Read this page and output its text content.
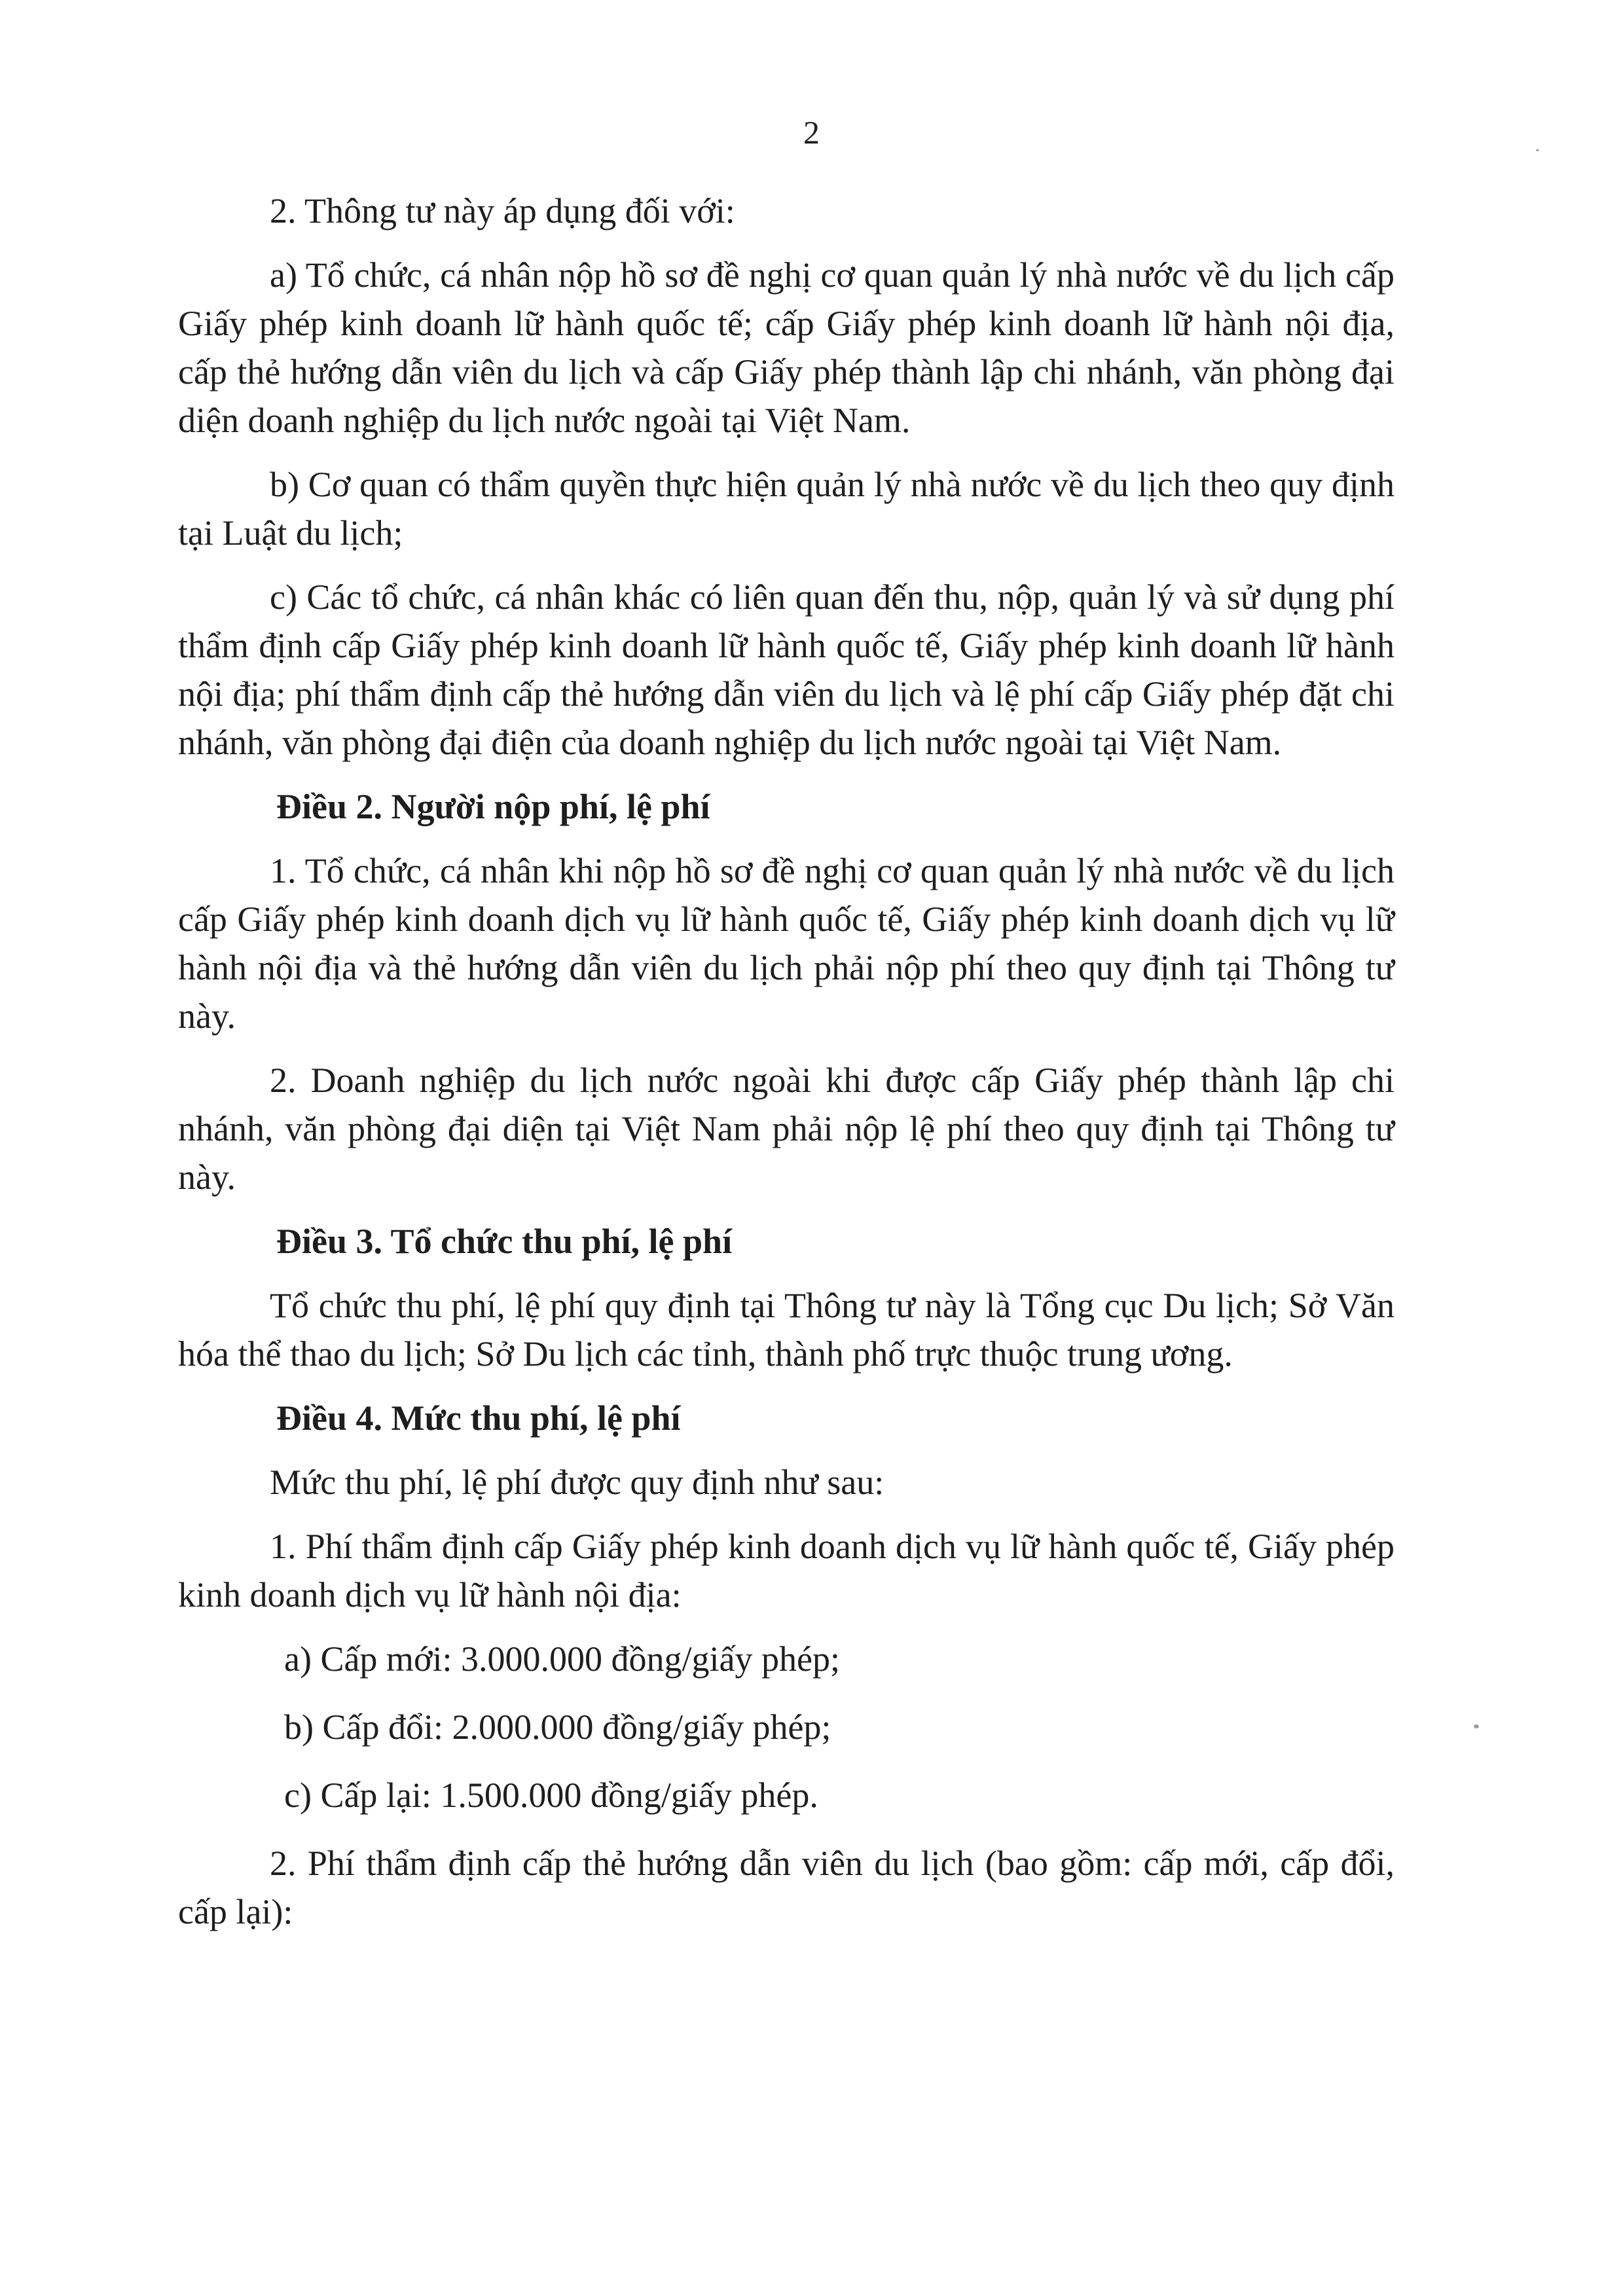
2

2. Thông tư này áp dụng đối với:

a) Tổ chức, cá nhân nộp hồ sơ đề nghị cơ quan quản lý nhà nước về du lịch cấp Giấy phép kinh doanh lữ hành quốc tế; cấp Giấy phép kinh doanh lữ hành nội địa, cấp thẻ hướng dẫn viên du lịch và cấp Giấy phép thành lập chi nhánh, văn phòng đại diện doanh nghiệp du lịch nước ngoài tại Việt Nam.

b) Cơ quan có thẩm quyền thực hiện quản lý nhà nước về du lịch theo quy định tại Luật du lịch;

c) Các tổ chức, cá nhân khác có liên quan đến thu, nộp, quản lý và sử dụng phí thẩm định cấp Giấy phép kinh doanh lữ hành quốc tế, Giấy phép kinh doanh lữ hành nội địa; phí thẩm định cấp thẻ hướng dẫn viên du lịch và lệ phí cấp Giấy phép đặt chi nhánh, văn phòng đại điện của doanh nghiệp du lịch nước ngoài tại Việt Nam.

Điều 2. Người nộp phí, lệ phí

1. Tổ chức, cá nhân khi nộp hồ sơ đề nghị cơ quan quản lý nhà nước về du lịch cấp Giấy phép kinh doanh dịch vụ lữ hành quốc tế, Giấy phép kinh doanh dịch vụ lữ hành nội địa và thẻ hướng dẫn viên du lịch phải nộp phí theo quy định tại Thông tư này.

2. Doanh nghiệp du lịch nước ngoài khi được cấp Giấy phép thành lập chi nhánh, văn phòng đại diện tại Việt Nam phải nộp lệ phí theo quy định tại Thông tư này.

Điều 3. Tổ chức thu phí, lệ phí

Tổ chức thu phí, lệ phí quy định tại Thông tư này là Tổng cục Du lịch; Sở Văn hóa thể thao du lịch; Sở Du lịch các tỉnh, thành phố trực thuộc trung ương.

Điều 4. Mức thu phí, lệ phí

Mức thu phí, lệ phí được quy định như sau:

1. Phí thẩm định cấp Giấy phép kinh doanh dịch vụ lữ hành quốc tế, Giấy phép kinh doanh dịch vụ lữ hành nội địa:

a) Cấp mới: 3.000.000 đồng/giấy phép;

b) Cấp đổi: 2.000.000 đồng/giấy phép;

c) Cấp lại: 1.500.000 đồng/giấy phép.

2. Phí thẩm định cấp thẻ hướng dẫn viên du lịch (bao gồm: cấp mới, cấp đổi, cấp lại):
